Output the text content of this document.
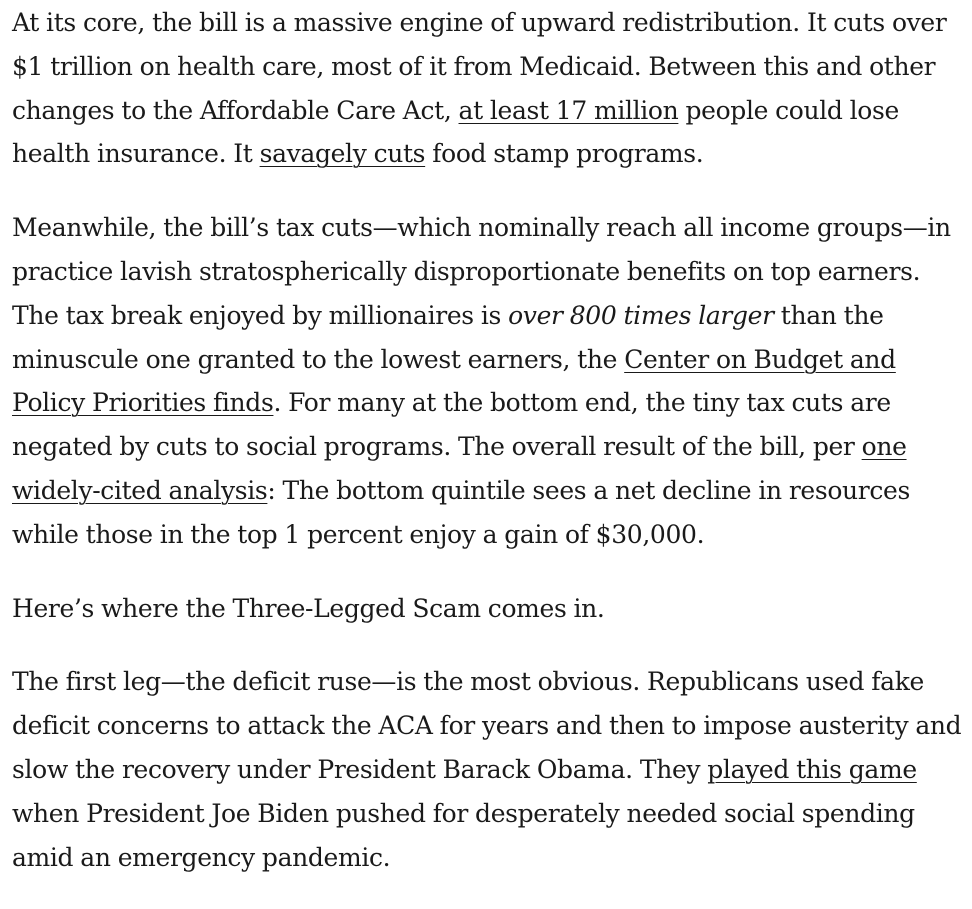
At its core, the bill is a massive engine of upward redistribution. It cuts over $1 trillion on health care, most of it from Medicaid. Between this and other changes to the Affordable Care Act, at least 17 million people could lose health insurance. It savagely cuts food stamp programs.

Meanwhile, the bill’s tax cuts—which nominally reach all income groups—in practice lavish stratospherically disproportionate benefits on top earners. The tax break enjoyed by millionaires is over 800 times larger than the minuscule one granted to the lowest earners, the Center on Budget and Policy Priorities finds. For many at the bottom end, the tiny tax cuts are negated by cuts to social programs. The overall result of the bill, per one widely-cited analysis: The bottom quintile sees a net decline in resources while those in the top 1 percent enjoy a gain of $30,000.

Here’s where the Three-Legged Scam comes in.

The first leg—the deficit ruse—is the most obvious. Republicans used fake deficit concerns to attack the ACA for years and then to impose austerity and slow the recovery under President Barack Obama. They played this game when President Joe Biden pushed for desperately needed social spending amid an emergency pandemic.
